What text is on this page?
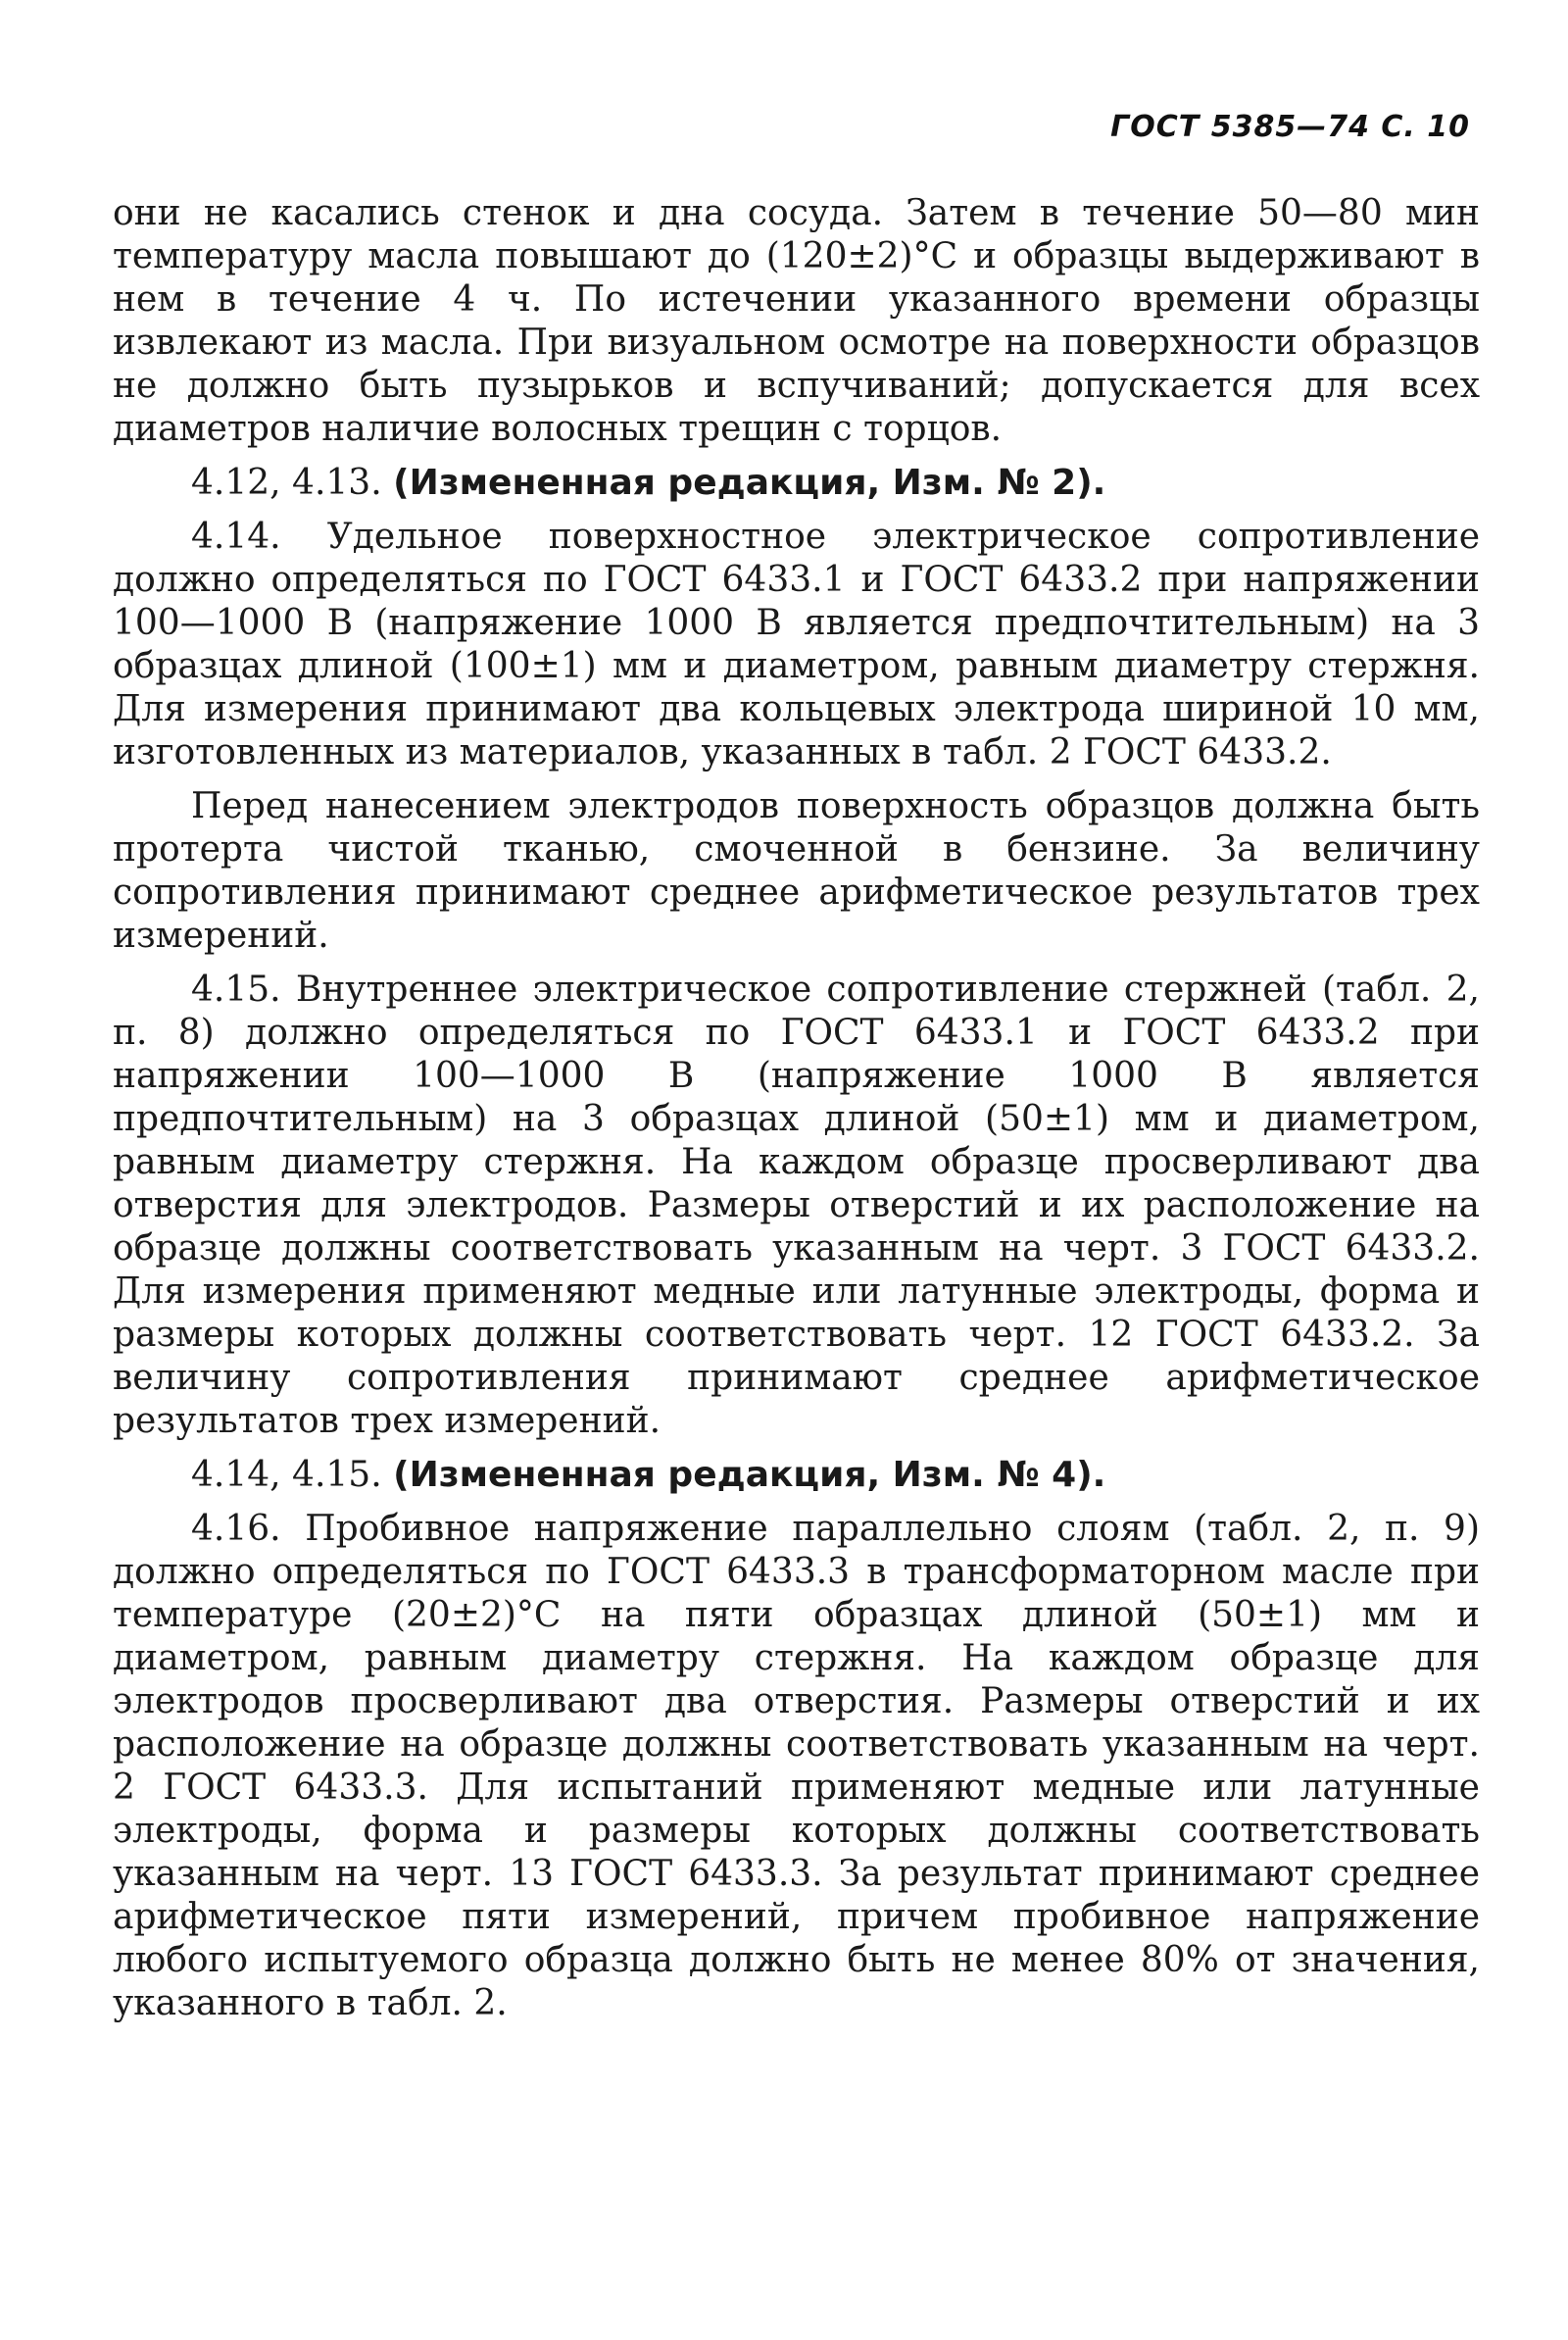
ГОСТ 5385—74 С. 10

они не касались стенок и дна сосуда. Затем в течение 50—80 мин температуру масла повышают до (120±2)°С и образцы выдерживают в нем в течение 4 ч. По истечении указанного времени образцы извлекают из масла. При визуальном осмотре на поверхности образцов не должно быть пузырьков и вспучиваний; допускается для всех диаметров наличие волосных трещин с торцов.

4.12, 4.13. (Измененная редакция, Изм. № 2).

4.14. Удельное поверхностное электрическое сопротивление должно определяться по ГОСТ 6433.1 и ГОСТ 6433.2 при напряжении 100—1000 В (напряжение 1000 В является предпочтительным) на 3 образцах длиной (100±1) мм и диаметром, равным диаметру стержня. Для измерения принимают два кольцевых электрода шириной 10 мм, изготовленных из материалов, указанных в табл. 2 ГОСТ 6433.2.

Перед нанесением электродов поверхность образцов должна быть протерта чистой тканью, смоченной в бензине. За величину сопротивления принимают среднее арифметическое результатов трех измерений.

4.15. Внутреннее электрическое сопротивление стержней (табл. 2, п. 8) должно определяться по ГОСТ 6433.1 и ГОСТ 6433.2 при напряжении 100—1000 В (напряжение 1000 В является предпочтительным) на 3 образцах длиной (50±1) мм и диаметром, равным диаметру стержня. На каждом образце просверливают два отверстия для электродов. Размеры отверстий и их расположение на образце должны соответствовать указанным на черт. 3 ГОСТ 6433.2. Для измерения применяют медные или латунные электроды, форма и размеры которых должны соответствовать черт. 12 ГОСТ 6433.2. За величину сопротивления принимают среднее арифметическое результатов трех измерений.

4.14, 4.15. (Измененная редакция, Изм. № 4).

4.16. Пробивное напряжение параллельно слоям (табл. 2, п. 9) должно определяться по ГОСТ 6433.3 в трансформаторном масле при температуре (20±2)°С на пяти образцах длиной (50±1) мм и диаметром, равным диаметру стержня. На каждом образце для электродов просверливают два отверстия. Размеры отверстий и их расположение на образце должны соответствовать указанным на черт. 2 ГОСТ 6433.3. Для испытаний применяют медные или латунные электроды, форма и размеры которых должны соответствовать указанным на черт. 13 ГОСТ 6433.3. За результат принимают среднее арифметическое пяти измерений, причем пробивное напряжение любого испытуемого образца должно быть не менее 80% от значения, указанного в табл. 2.
